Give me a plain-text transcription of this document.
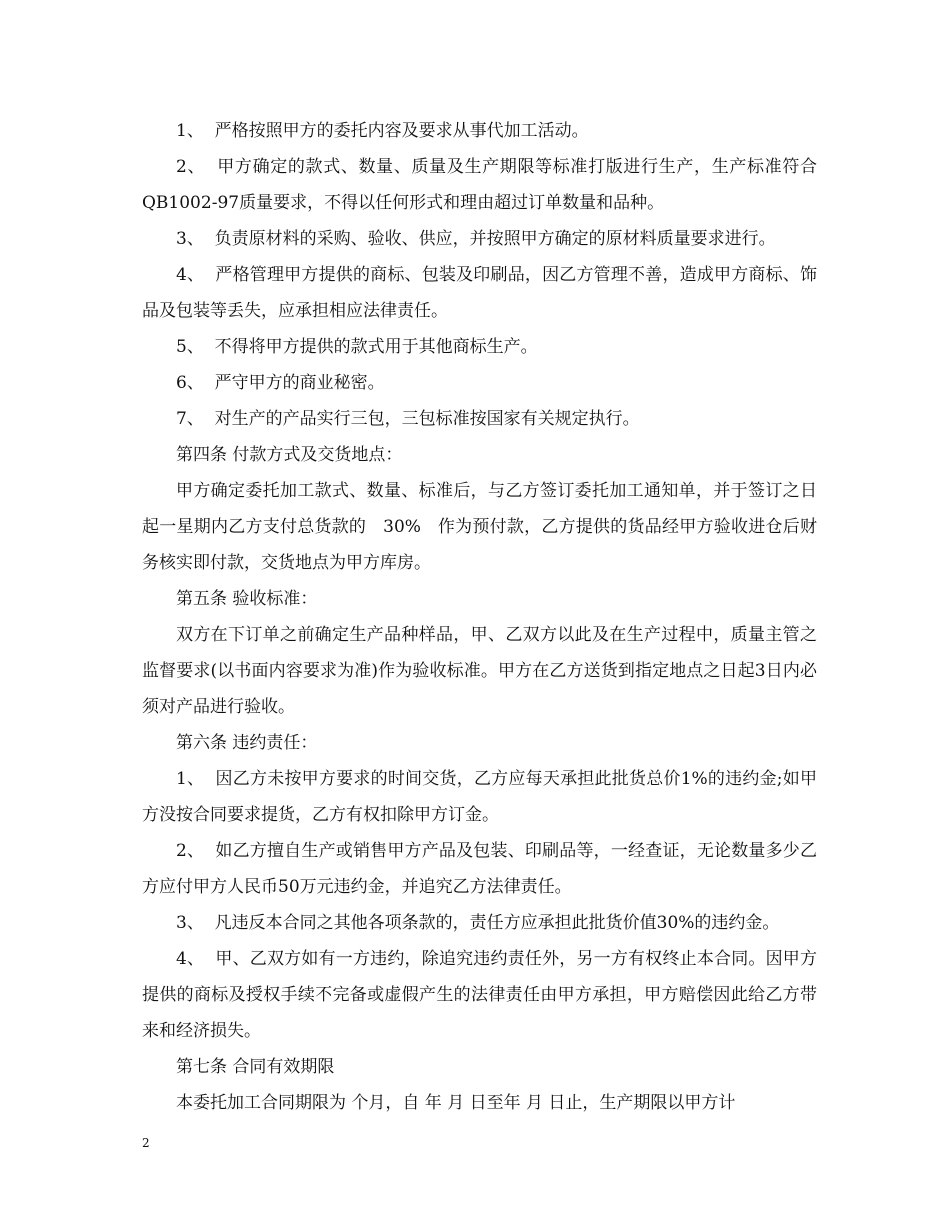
1、  严格按照甲方的委托内容及要求从事代加工活动。

2、  甲方确定的款式、数量、质量及生产期限等标准打版进行生产，生产标准符合QB1002-97质量要求，不得以任何形式和理由超过订单数量和品种。

3、  负责原材料的采购、验收、供应，并按照甲方确定的原材料质量要求进行。

4、  严格管理甲方提供的商标、包装及印刷品，因乙方管理不善，造成甲方商标、饰品及包装等丢失，应承担相应法律责任。

5、  不得将甲方提供的款式用于其他商标生产。

6、  严守甲方的商业秘密。

7、  对生产的产品实行三包，三包标准按国家有关规定执行。

第四条 付款方式及交货地点：

甲方确定委托加工款式、数量、标准后，与乙方签订委托加工通知单，并于签订之日起一星期内乙方支付总货款的   30%   作为预付款，乙方提供的货品经甲方验收进仓后财务核实即付款，交货地点为甲方库房。

第五条 验收标准：

双方在下订单之前确定生产品种样品，甲、乙双方以此及在生产过程中，质量主管之监督要求(以书面内容要求为准)作为验收标准。甲方在乙方送货到指定地点之日起3日内必须对产品进行验收。

第六条 违约责任：

1、  因乙方未按甲方要求的时间交货，乙方应每天承担此批货总价1%的违约金;如甲方没按合同要求提货，乙方有权扣除甲方订金。

2、  如乙方擅自生产或销售甲方产品及包装、印刷品等，一经查证，无论数量多少乙方应付甲方人民币50万元违约金，并追究乙方法律责任。

3、  凡违反本合同之其他各项条款的，责任方应承担此批货价值30%的违约金。

4、  甲、乙双方如有一方违约，除追究违约责任外，另一方有权终止本合同。因甲方提供的商标及授权手续不完备或虚假产生的法律责任由甲方承担，甲方赔偿因此给乙方带来和经济损失。

第七条 合同有效期限

本委托加工合同期限为 个月，自 年 月 日至年 月 日止，生产期限以甲方计

2
